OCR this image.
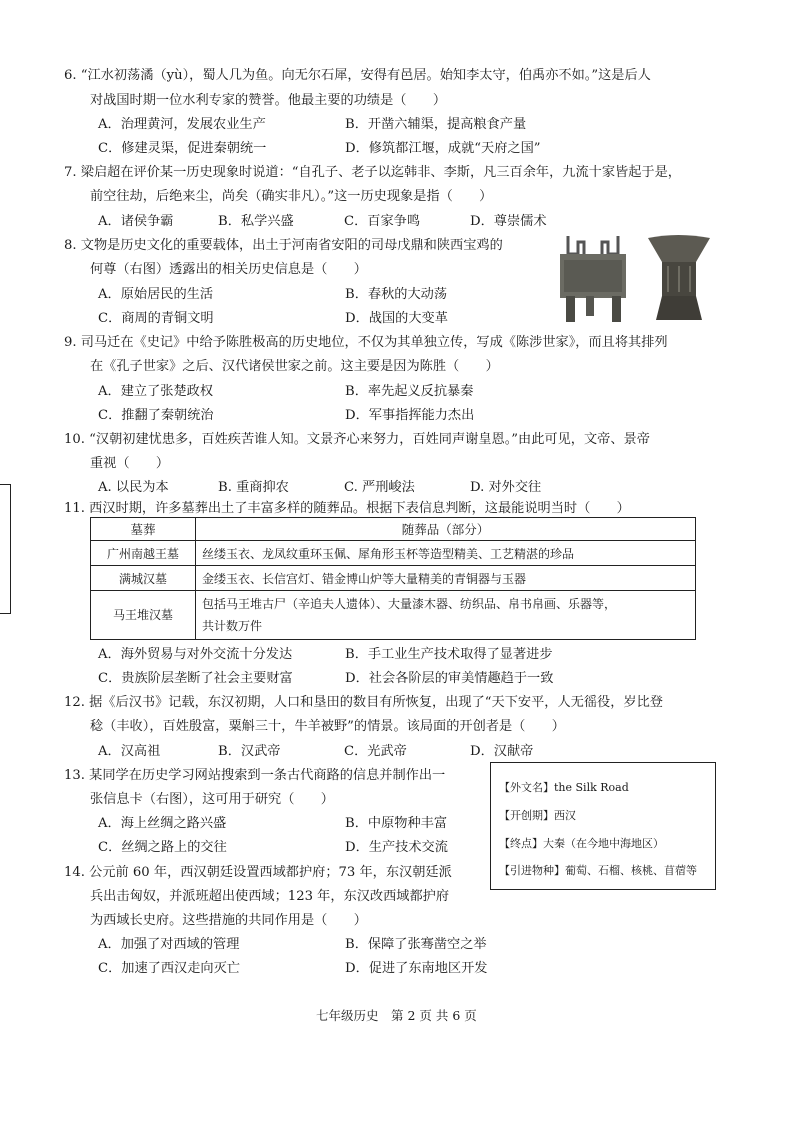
6. “江水初荡潏（yù），蜀人几为鱼。向无尔石犀，安得有邑居。始知李太守，伯禹亦不如。”这是后人
对战国时期一位水利专家的赞誉。他最主要的功绩是（　　）
A．治理黄河，发展农业生产	B．开凿六辅渠，提高粮食产量
C．修建灵渠，促进秦朝统一	D．修筑都江堰，成就“天府之国”
7. 梁启超在评价某一历史现象时说道：“自孔子、老子以迄韩非、李斯，凡三百余年，九流十家皆起于是，
前空往劫，后绝来尘，尚矣（确实非凡）。”这一历史现象是指（　　）
A．诸侯争霸	B．私学兴盛	C．百家争鸣	D．尊崇儒术
8. 文物是历史文化的重要载体，出土于河南省安阳的司母戊鼎和陕西宝鸡的
何尊（右图）透露出的相关历史信息是（　　）
A．原始居民的生活	B．春秋的大动荡
C．商周的青铜文明	D．战国的大变革
9. 司马迁在《史记》中给予陈胜极高的历史地位，不仅为其单独立传，写成《陈涉世家》，而且将其排列
在《孔子世家》之后、汉代诸侯世家之前。这主要是因为陈胜（　　）
A．建立了张楚政权	B．率先起义反抗暴秦
C．推翻了秦朝统治	D．军事指挥能力杰出
10. “汉朝初建忧患多，百姓疾苦谁人知。文景齐心来努力，百姓同声谢皇恩。”由此可见，文帝、景帝
重视（　　）
A. 以民为本	B. 重商抑农	C. 严刑峻法	D. 对外交往
11. 西汉时期，许多墓葬出土了丰富多样的随葬品。根据下表信息判断，这最能说明当时（　　）
墓葬	随葬品（部分）
广州南越王墓	丝缕玉衣、龙凤纹重环玉佩、犀角形玉杯等造型精美、工艺精湛的珍品
满城汉墓	金缕玉衣、长信宫灯、错金博山炉等大量精美的青铜器与玉器
马王堆汉墓	包括马王堆古尸（辛追夫人遗体）、大量漆木器、纺织品、帛书帛画、乐器等，
共计数万件
A．海外贸易与对外交流十分发达	B．手工业生产技术取得了显著进步
C．贵族阶层垄断了社会主要财富	D．社会各阶层的审美情趣趋于一致
12. 据《后汉书》记载，东汉初期，人口和垦田的数目有所恢复，出现了“天下安平，人无徭役，岁比登
稔（丰收），百姓殷富，粟斛三十，牛羊被野”的情景。该局面的开创者是（　　）
A．汉高祖	B．汉武帝	C．光武帝	D．汉献帝
13. 某同学在历史学习网站搜索到一条古代商路的信息并制作出一
张信息卡（右图），这可用于研究（　　）
A．海上丝绸之路兴盛	B．中原物种丰富
C．丝绸之路上的交往	D．生产技术交流
【外文名】the Silk Road
【开创期】西汉
【终点】大秦（在今地中海地区）
【引进物种】葡萄、石榴、核桃、苜蓿等
14. 公元前 60 年，西汉朝廷设置西域都护府；73 年，东汉朝廷派
兵出击匈奴，并派班超出使西域；123 年，东汉改西域都护府
为西域长史府。这些措施的共同作用是（　　）
A．加强了对西域的管理	B．保障了张骞凿空之举
C．加速了西汉走向灭亡	D．促进了东南地区开发
七年级历史　第 2 页 共 6 页
